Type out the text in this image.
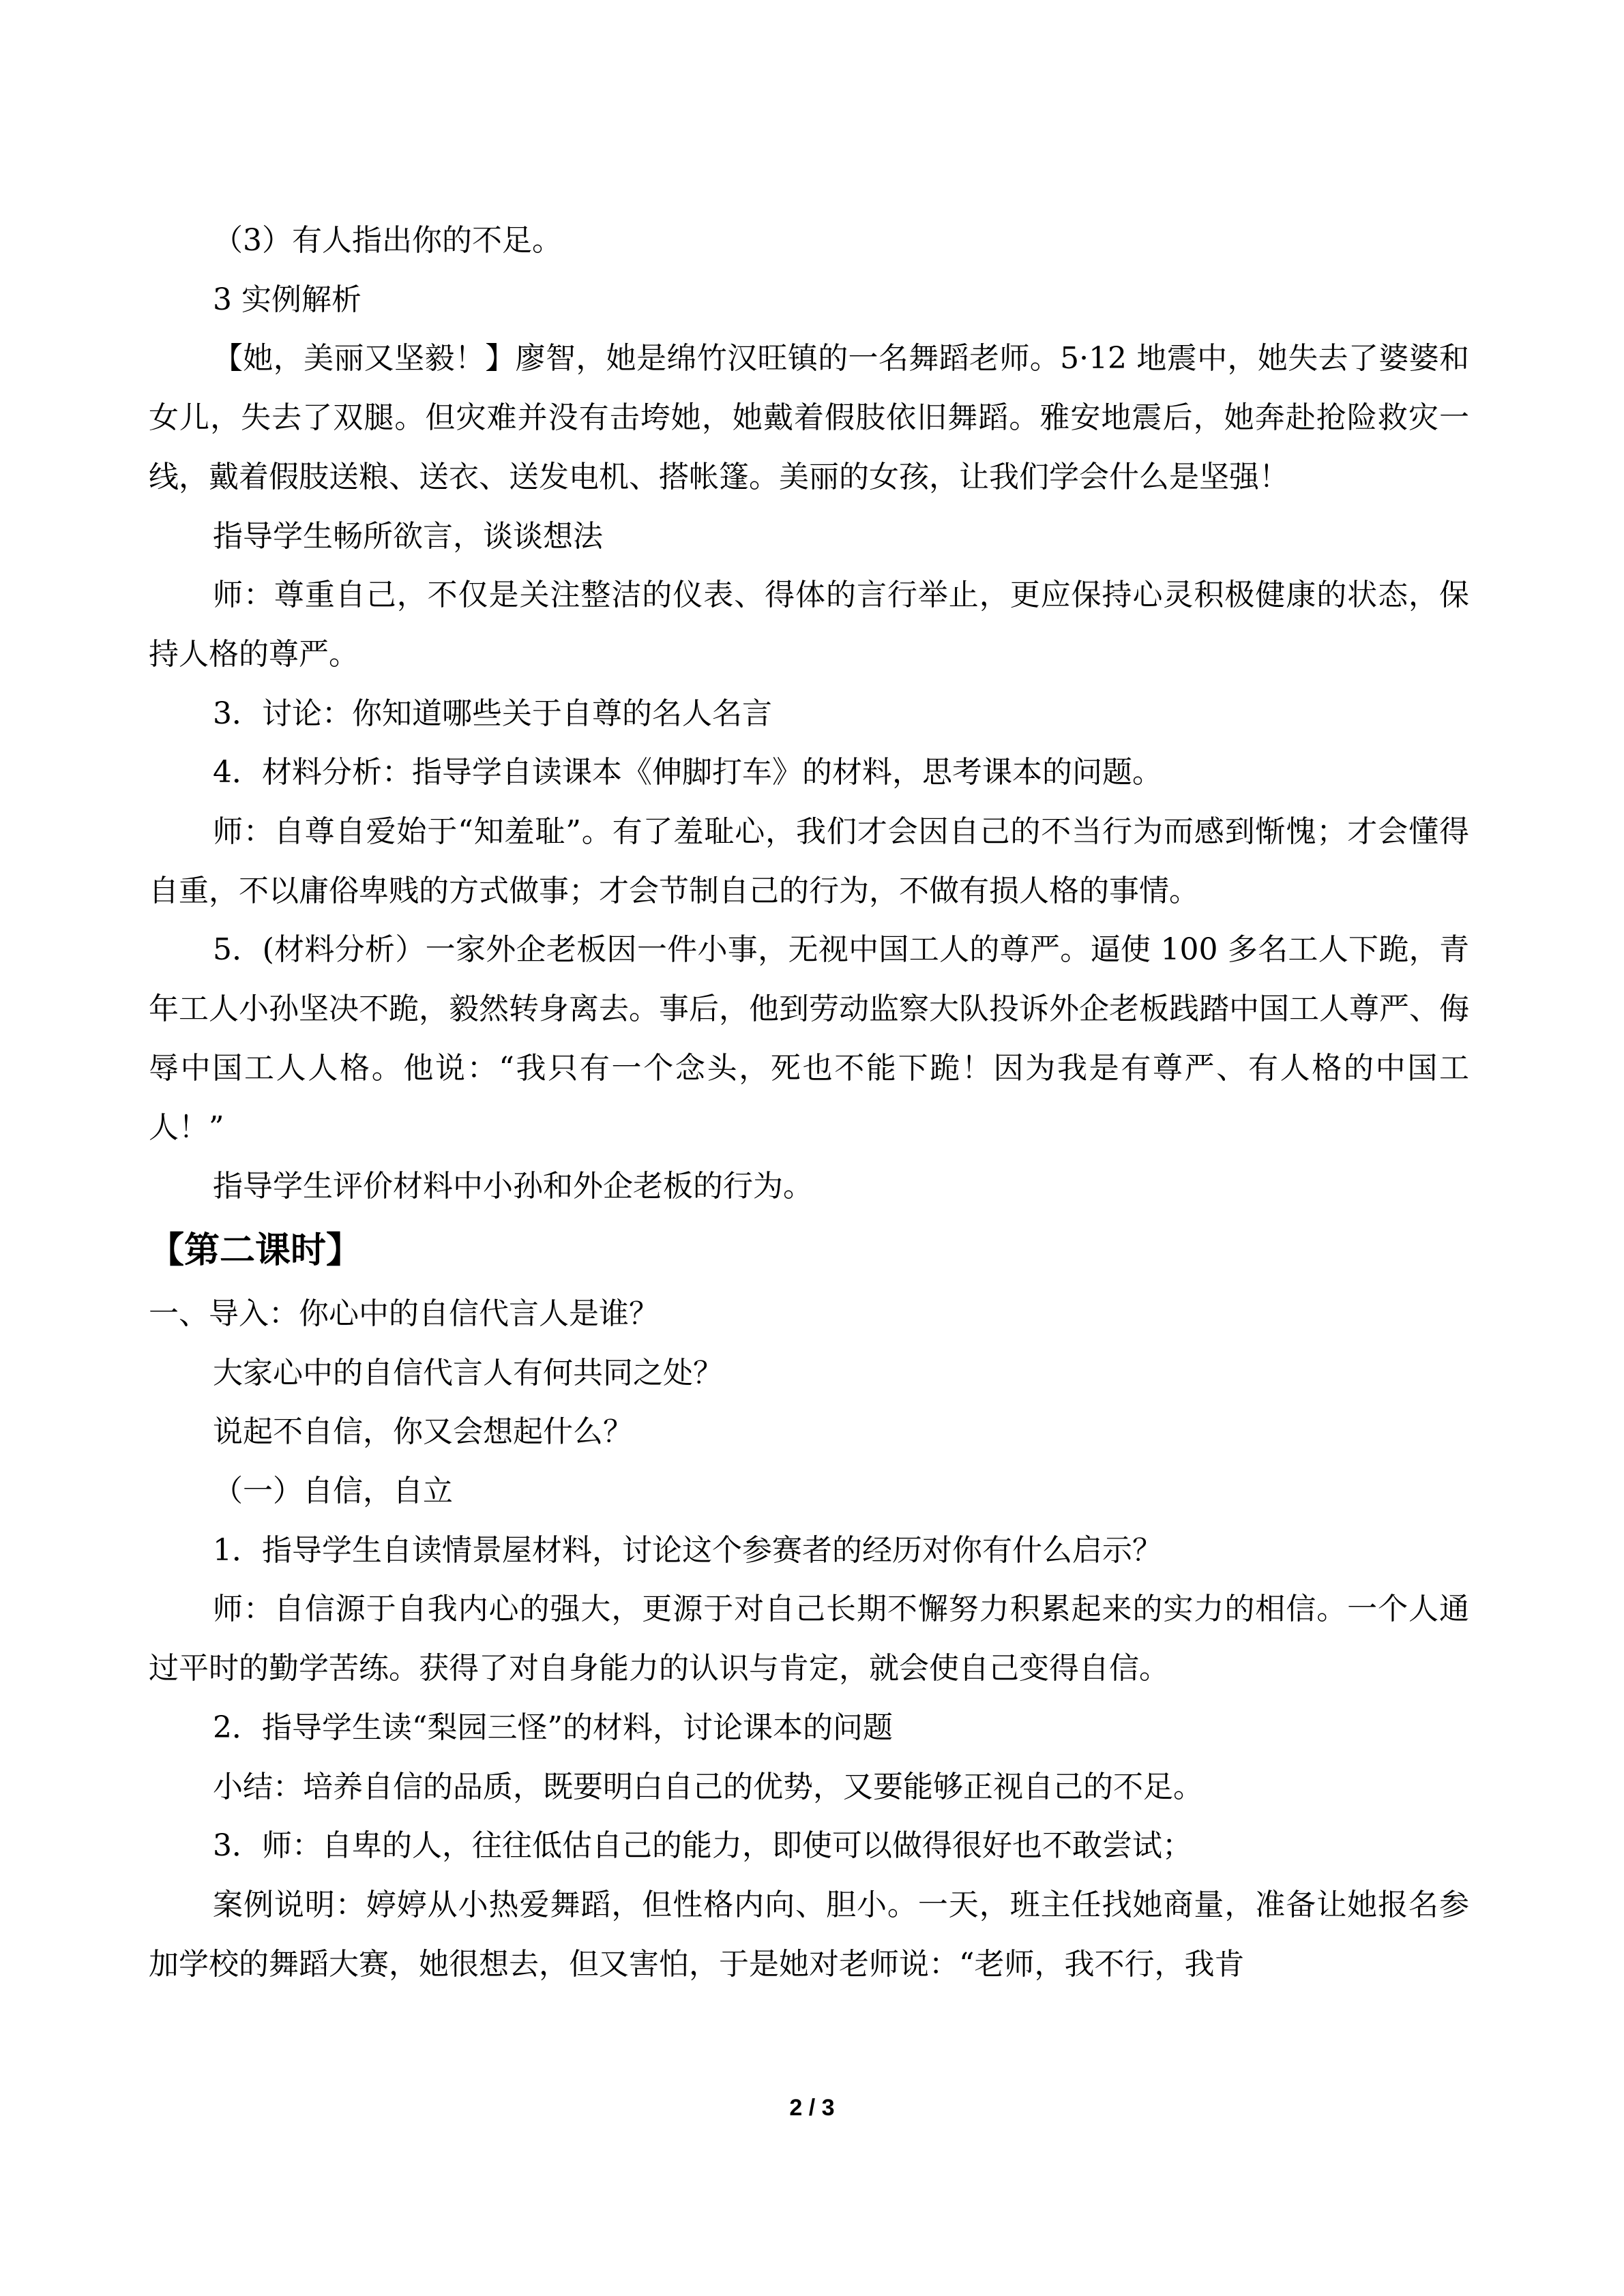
（3）有人指出你的不足。

3 实例解析

【她，美丽又坚毅！】廖智，她是绵竹汉旺镇的一名舞蹈老师。5·12 地震中，她失去了婆婆和女儿，失去了双腿。但灾难并没有击垮她，她戴着假肢依旧舞蹈。雅安地震后，她奔赴抢险救灾一线，戴着假肢送粮、送衣、送发电机、搭帐篷。美丽的女孩，让我们学会什么是坚强！

指导学生畅所欲言，谈谈想法

师：尊重自己，不仅是关注整洁的仪表、得体的言行举止，更应保持心灵积极健康的状态，保持人格的尊严。

3．讨论：你知道哪些关于自尊的名人名言

4．材料分析：指导学自读课本《伸脚打车》的材料，思考课本的问题。

师：自尊自爱始于“知羞耻”。有了羞耻心，我们才会因自己的不当行为而感到惭愧；才会懂得自重，不以庸俗卑贱的方式做事；才会节制自己的行为，不做有损人格的事情。

5．(材料分析）一家外企老板因一件小事，无视中国工人的尊严。逼使 100 多名工人下跪，青年工人小孙坚决不跪，毅然转身离去。事后，他到劳动监察大队投诉外企老板践踏中国工人尊严、侮辱中国工人人格。他说：“我只有一个念头，死也不能下跪！因为我是有尊严、有人格的中国工人！”

指导学生评价材料中小孙和外企老板的行为。

【第二课时】

一、导入：你心中的自信代言人是谁？

大家心中的自信代言人有何共同之处？

说起不自信，你又会想起什么？

（一）自信，自立

1．指导学生自读情景屋材料，讨论这个参赛者的经历对你有什么启示？

师：自信源于自我内心的强大，更源于对自己长期不懈努力积累起来的实力的相信。一个人通过平时的勤学苦练。获得了对自身能力的认识与肯定，就会使自己变得自信。

2．指导学生读“梨园三怪”的材料，讨论课本的问题

小结：培养自信的品质，既要明白自己的优势，又要能够正视自己的不足。

3．师：自卑的人，往往低估自己的能力，即使可以做得很好也不敢尝试；

案例说明：婷婷从小热爱舞蹈，但性格内向、胆小。一天，班主任找她商量，准备让她报名参加学校的舞蹈大赛，她很想去，但又害怕，于是她对老师说：“老师，我不行，我肯

2 / 3
